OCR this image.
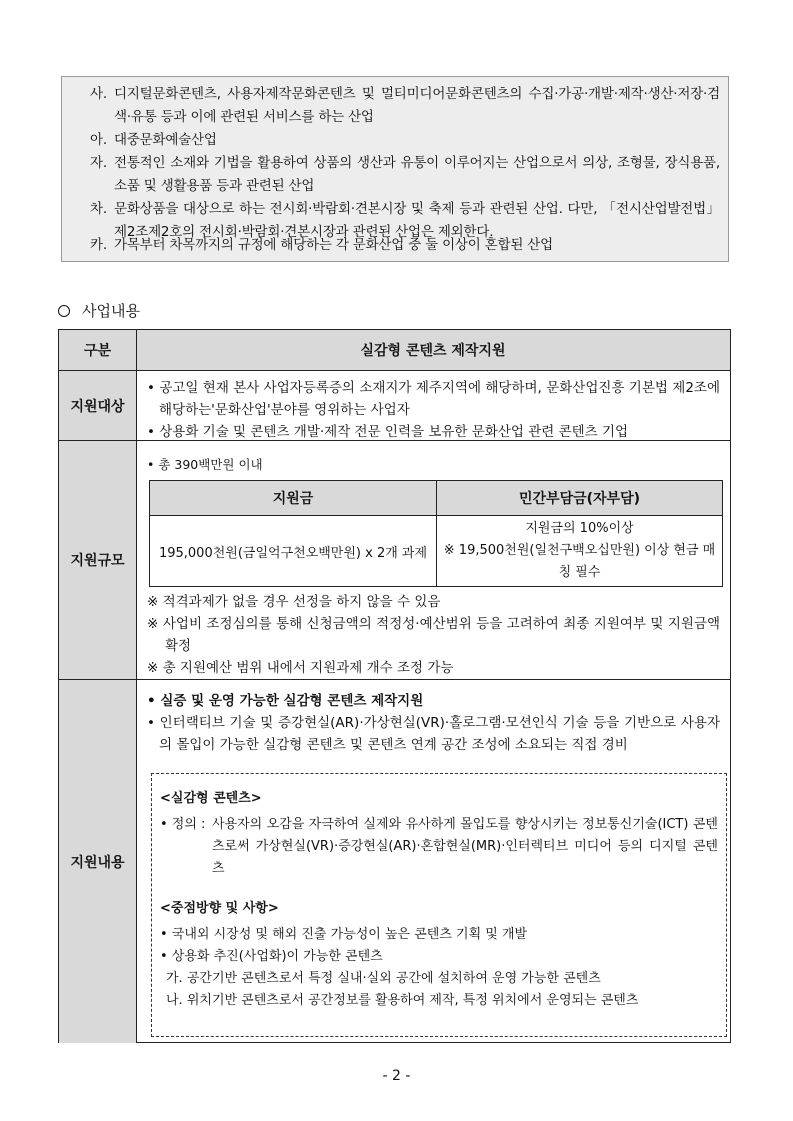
사. 디지털문화콘텐츠, 사용자제작문화콘텐츠 및 멀티미디어문화콘텐츠의 수집·가공·개발·제작·생산·저장·검색·유통 등과 이에 관련된 서비스를 하는 산업
아. 대중문화예술산업
자. 전통적인 소재와 기법을 활용하여 상품의 생산과 유통이 이루어지는 산업으로서 의상, 조형물, 장식용품, 소품 및 생활용품 등과 관련된 산업
차. 문화상품을 대상으로 하는 전시회·박람회·견본시장 및 축제 등과 관련된 산업. 다만, 「전시산업발전법」 제2조제2호의 전시회·박람회·견본시장과 관련된 산업은 제외한다.
카. 가목부터 차목까지의 규정에 해당하는 각 문화산업 중 둘 이상이 혼합된 산업
사업내용
구분	실감형 콘텐츠 제작지원
지원대상
• 공고일 현재 본사 사업자등록증의 소재지가 제주지역에 해당하며, 문화산업진흥 기본법 제2조에 해당하는'문화산업'분야를 영위하는 사업자
• 상용화 기술 및 콘텐츠 개발·제작 전문 인력을 보유한 문화산업 관련 콘텐츠 기업
지원규모
• 총 390백만원 이내
지원금	민간부담금(자부담)
195,000천원(금일억구천오백만원) x 2개 과제
지원금의 10%이상
※ 19,500천원(일천구백오십만원) 이상 현금 매칭 필수
※ 적격과제가 없을 경우 선정을 하지 않을 수 있음
※ 사업비 조정심의를 통해 신청금액의 적정성·예산범위 등을 고려하여 최종 지원여부 및 지원금액 확정
※ 총 지원예산 범위 내에서 지원과제 개수 조정 가능
지원내용
• 실증 및 운영 가능한 실감형 콘텐츠 제작지원
• 인터랙티브 기술 및 증강현실(AR)·가상현실(VR)·홀로그램·모션인식 기술 등을 기반으로 사용자의 몰입이 가능한 실감형 콘텐츠 및 콘텐츠 연계 공간 조성에 소요되는 직접 경비
<실감형 콘텐츠>
• 정의 : 사용자의 오감을 자극하여 실제와 유사하게 몰입도를 향상시키는 정보통신기술(ICT) 콘텐츠로써 가상현실(VR)·증강현실(AR)·혼합현실(MR)·인터렉티브 미디어 등의 디지털 콘텐츠
<중점방향 및 사항>
• 국내외 시장성 및 해외 진출 가능성이 높은 콘텐츠 기획 및 개발
• 상용화 추진(사업화)이 가능한 콘텐츠
가. 공간기반 콘텐츠로서 특정 실내·실외 공간에 설치하여 운영 가능한 콘텐츠
나. 위치기반 콘텐츠로서 공간정보를 활용하여 제작, 특정 위치에서 운영되는 콘텐츠
- 2 -
